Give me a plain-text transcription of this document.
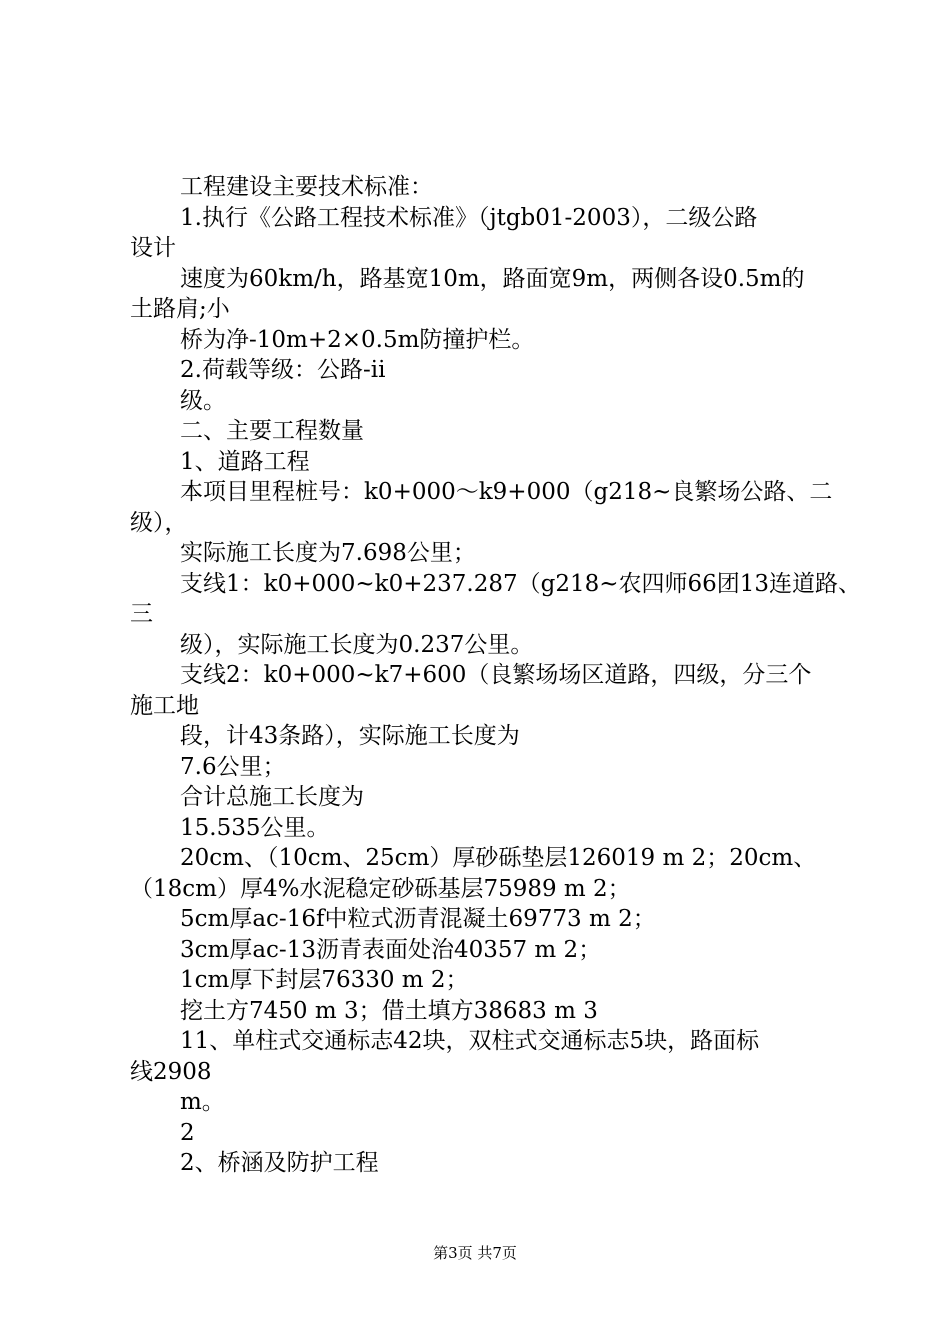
工程建设主要技术标准：
1.执行《公路工程技术标准》（jtgb01-2003），二级公路
设计
速度为60km/h，路基宽10m，路面宽9m，两侧各设0.5m的
土路肩;小
桥为净-10m+2×0.5m防撞护栏。
2.荷载等级：公路-ii
级。
二、主要工程数量
1、道路工程
本项目里程桩号：k0+000～k9+000（g218~良繁场公路、二
级），
实际施工长度为7.698公里；
支线1：k0+000~k0+237.287（g218~农四师66团13连道路、
三
级），实际施工长度为0.237公里。
支线2：k0+000~k7+600（良繁场场区道路，四级，分三个
施工地
段，计43条路），实际施工长度为
7.6公里；
合计总施工长度为
15.535公里。
20cm、（10cm、25cm）厚砂砾垫层126019 m 2；20cm、
（18cm）厚4%水泥稳定砂砾基层75989 m 2；
5cm厚ac-16f中粒式沥青混凝土69773 m 2；
3cm厚ac-13沥青表面处治40357 m 2；
1cm厚下封层76330 m 2；
挖土方7450 m 3；借土填方38683 m 3
11、单柱式交通标志42块，双柱式交通标志5块，路面标
线2908
m。
2
2、桥涵及防护工程
第3页 共7页
